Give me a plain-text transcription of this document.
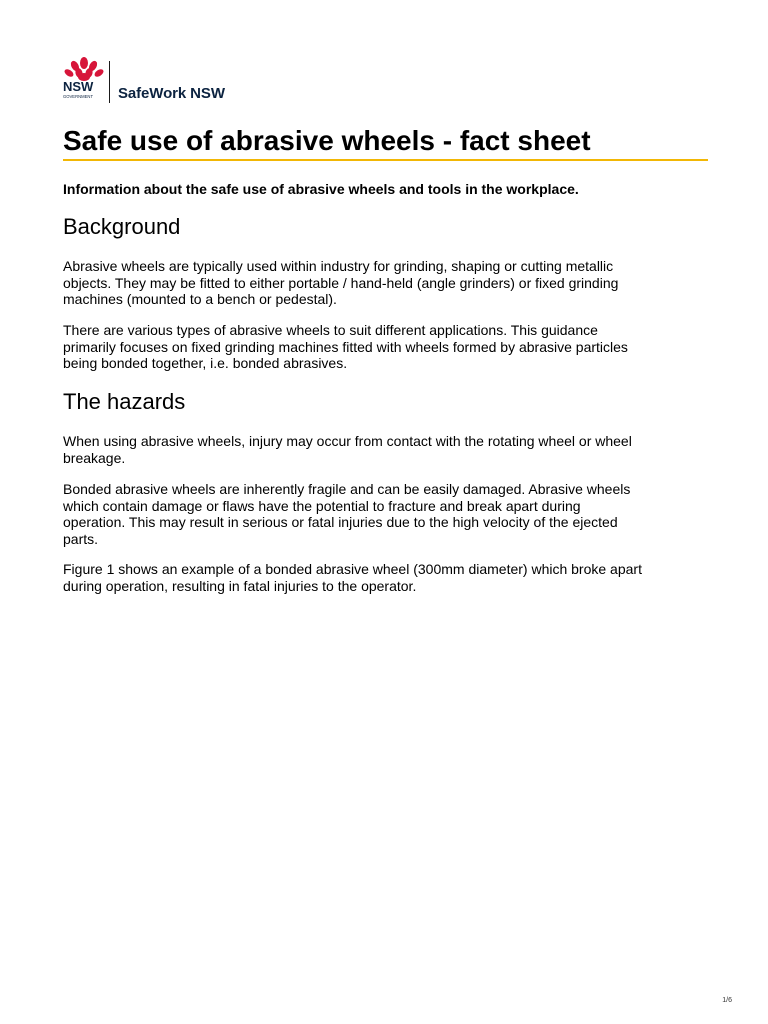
NSW
GOVERNMENT SafeWork NSW
Safe use of abrasive wheels - fact sheet
Information about the safe use of abrasive wheels and tools in the workplace.
Background

Abrasive wheels are typically used within industry for grinding, shaping or cutting metallic
objects. They may be fitted to either portable / hand-held (angle grinders) or fixed grinding
machines (mounted to a bench or pedestal).

There are various types of abrasive wheels to suit different applications. This guidance
primarily focuses on fixed grinding machines fitted with wheels formed by abrasive particles
being bonded together, i.e. bonded abrasives.

The hazards

When using abrasive wheels, injury may occur from contact with the rotating wheel or wheel
breakage.

Bonded abrasive wheels are inherently fragile and can be easily damaged. Abrasive wheels
which contain damage or flaws have the potential to fracture and break apart during
operation. This may result in serious or fatal injuries due to the high velocity of the ejected
parts.

Figure 1 shows an example of a bonded abrasive wheel (300mm diameter) which broke apart
during operation, resulting in fatal injuries to the operator.

1/6
